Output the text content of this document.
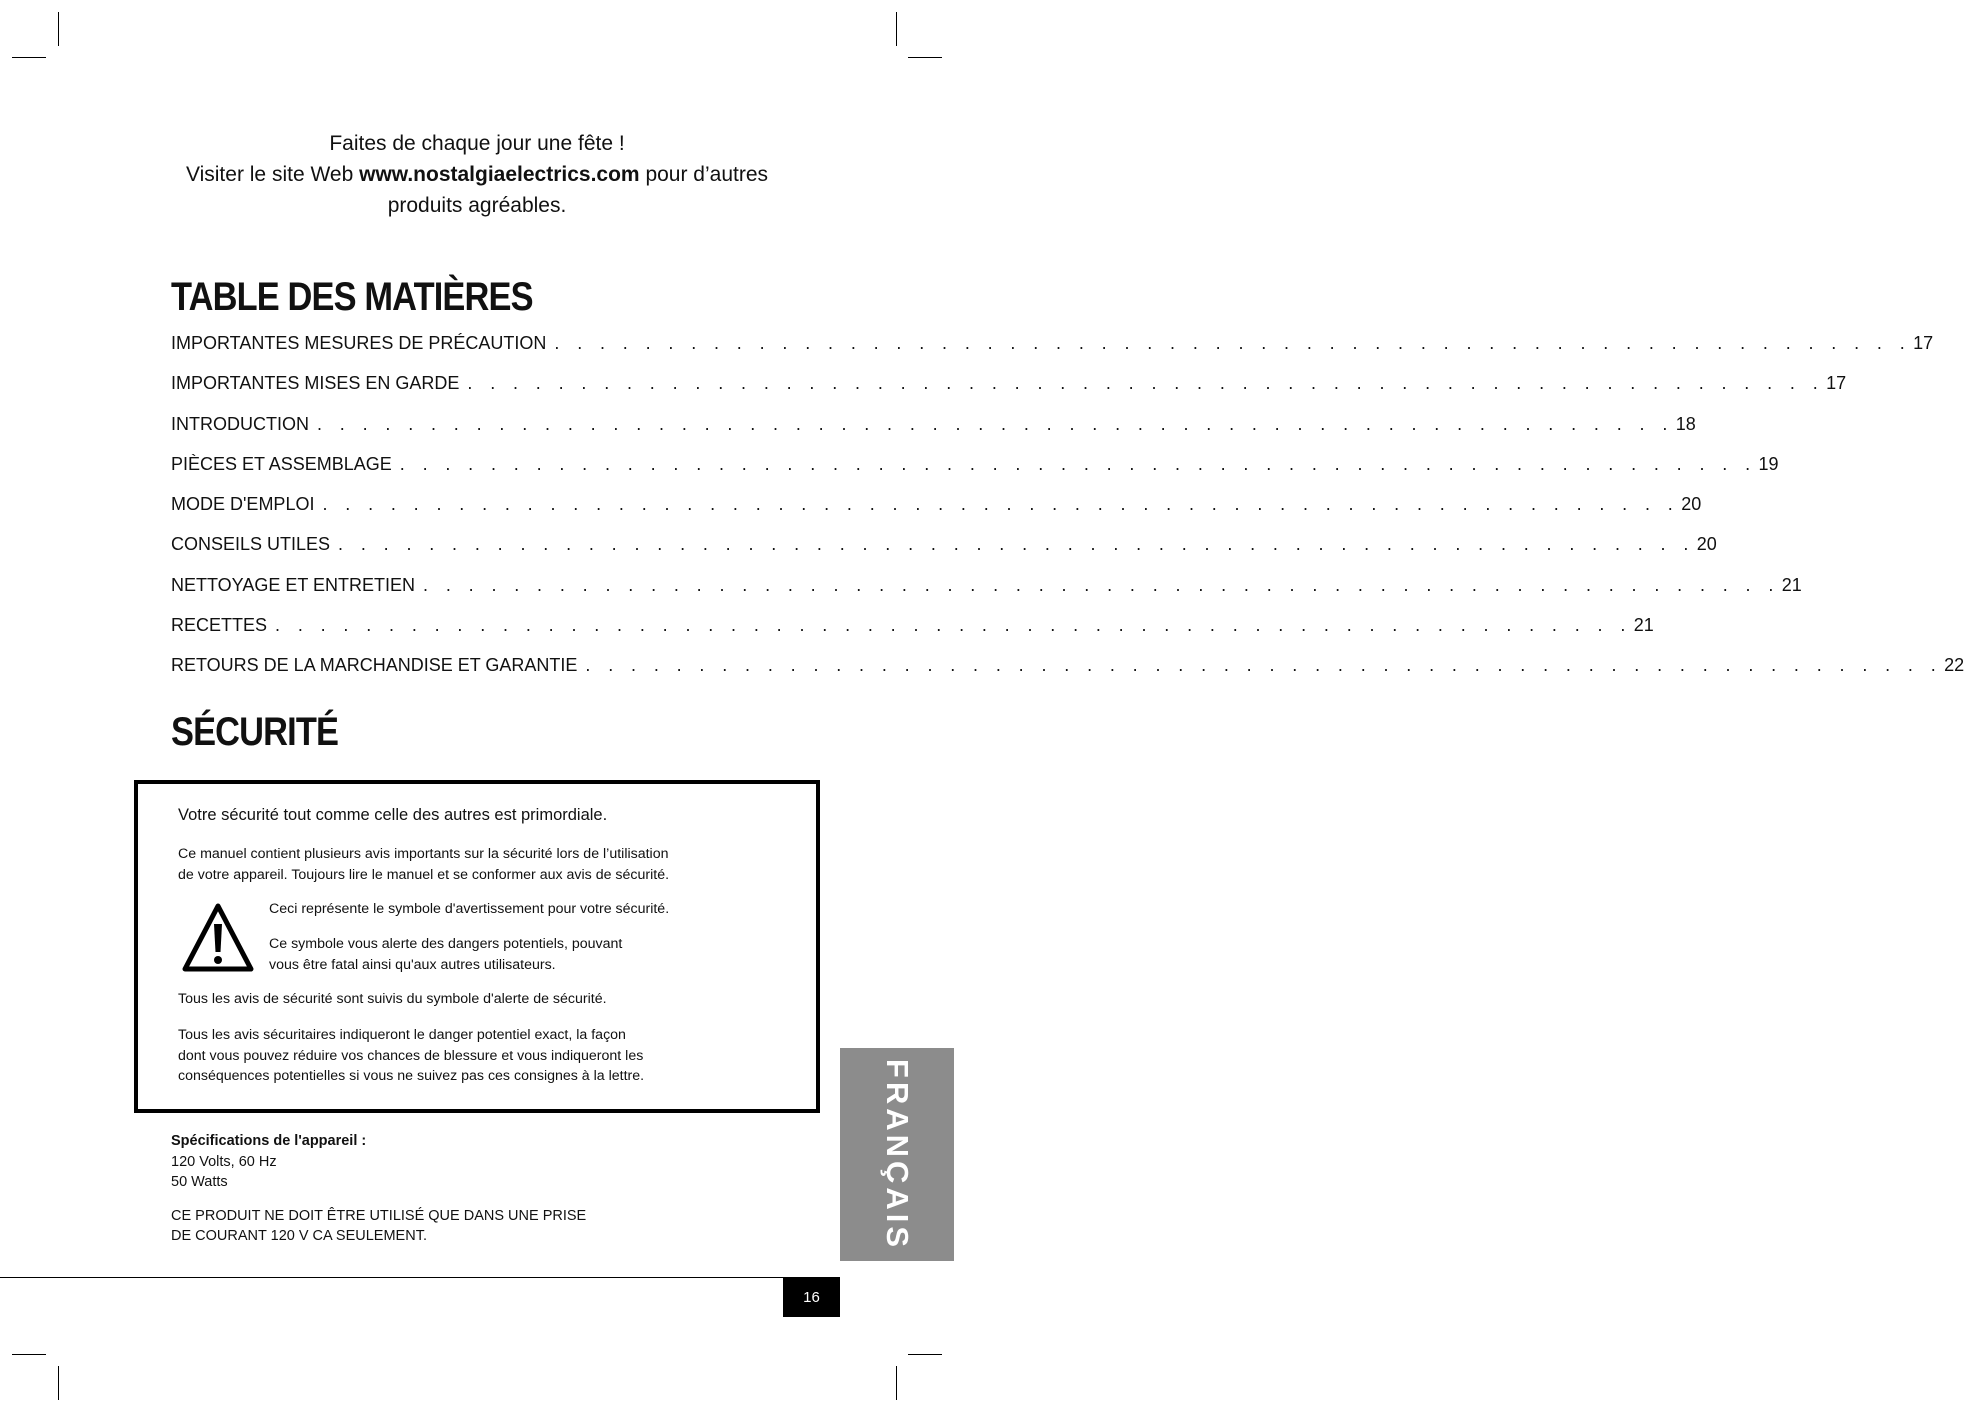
Faites de chaque jour une fête !
Visiter le site Web www.nostalgiaelectrics.com pour d’autres
produits agréables.
TABLE DES MATIÈRES
IMPORTANTES MESURES DE PRÉCAUTION . . . . . . . . . . . . . . . . . . . . . . . . . . . . . . . . . . . . . . . . . . . . . . . . . . . . . . . . . . . . 17
IMPORTANTES MISES EN GARDE . . . . . . . . . . . . . . . . . . . . . . . . . . . . . . . . . . . . . . . . . . . . . . . . . . . . . . . . . . . . 17
INTRODUCTION . . . . . . . . . . . . . . . . . . . . . . . . . . . . . . . . . . . . . . . . . . . . . . . . . . . . . . . . . . . . 18
PIÈCES ET ASSEMBLAGE . . . . . . . . . . . . . . . . . . . . . . . . . . . . . . . . . . . . . . . . . . . . . . . . . . . . . . . . . . . . 19
MODE D'EMPLOI . . . . . . . . . . . . . . . . . . . . . . . . . . . . . . . . . . . . . . . . . . . . . . . . . . . . . . . . . . . . 20
CONSEILS UTILES . . . . . . . . . . . . . . . . . . . . . . . . . . . . . . . . . . . . . . . . . . . . . . . . . . . . . . . . . . . . 20
NETTOYAGE ET ENTRETIEN . . . . . . . . . . . . . . . . . . . . . . . . . . . . . . . . . . . . . . . . . . . . . . . . . . . . . . . . . . . . 21
RECETTES . . . . . . . . . . . . . . . . . . . . . . . . . . . . . . . . . . . . . . . . . . . . . . . . . . . . . . . . . . . . 21
RETOURS DE LA MARCHANDISE ET GARANTIE . . . . . . . . . . . . . . . . . . . . . . . . . . . . . . . . . . . . . . . . . . . . . . . . . . . . . . . . . . . . 22
SÉCURITÉ
Votre sécurité tout comme celle des autres est primordiale.
Ce manuel contient plusieurs avis importants sur la sécurité lors de l’utilisation
de votre appareil. Toujours lire le manuel et se conformer aux avis de sécurité.
Ceci représente le symbole d'avertissement pour votre sécurité.
Ce symbole vous alerte des dangers potentiels, pouvant
vous être fatal ainsi qu'aux autres utilisateurs.
Tous les avis de sécurité sont suivis du symbole d'alerte de sécurité.
Tous les avis sécuritaires indiqueront le danger potentiel exact, la façon
dont vous pouvez réduire vos chances de blessure et vous indiqueront les
conséquences potentielles si vous ne suivez pas ces consignes à la lettre.
Spécifications de l'appareil :
120 Volts, 60 Hz
50 Watts
CE PRODUIT NE DOIT ÊTRE UTILISÉ QUE DANS UNE PRISE
DE COURANT 120 V CA SEULEMENT.	FRANÇAIS
16
